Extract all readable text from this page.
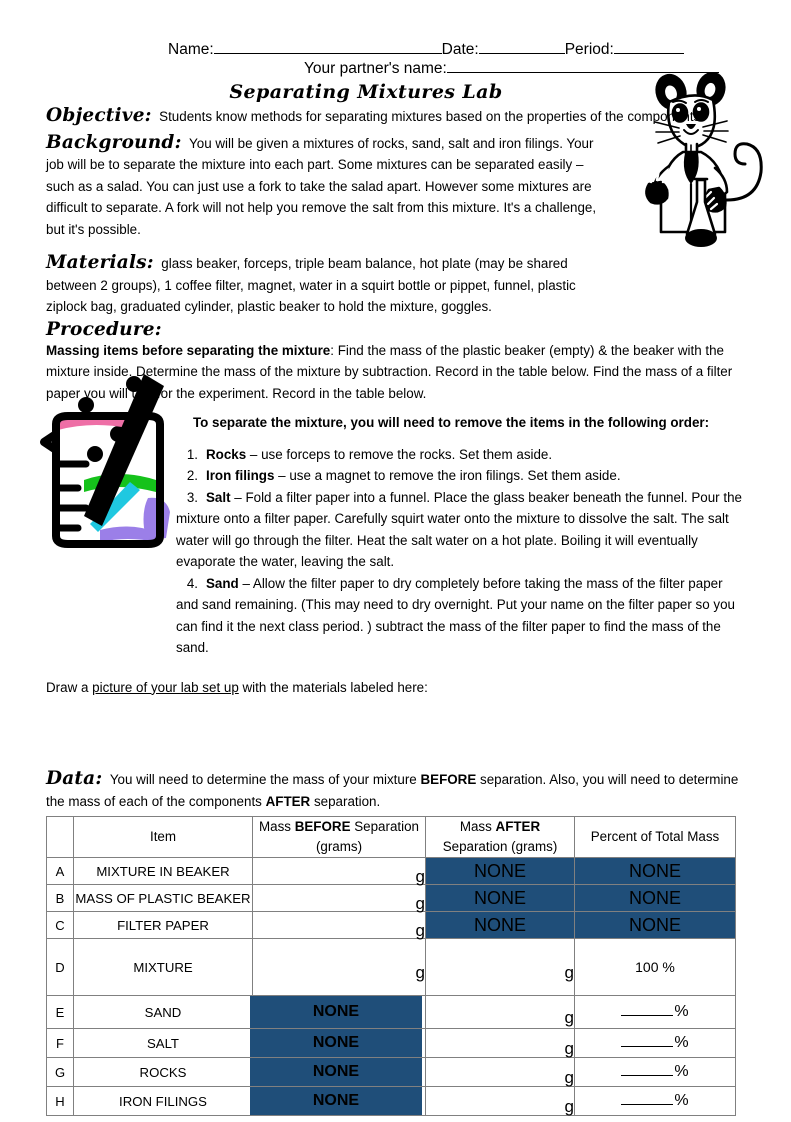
Name:	Date:	Period:
Your partner's name:
Separating Mixtures Lab

Objective: Students know methods for separating mixtures based on the properties of the components.

Background: You will be given a mixtures of rocks, sand, salt and iron filings. Your job will be to separate the mixture into each part. Some mixtures can be separated easily – such as a salad. You can just use a fork to take the salad apart. However some mixtures are difficult to separate. A fork will not help you remove the salt from this mixture. It's a challenge, but it's possible.

Materials: glass beaker, forceps, triple beam balance, hot plate (may be shared between 2 groups), 1 coffee filter, magnet, water in a squirt bottle or pippet, funnel, plastic ziplock bag, graduated cylinder, plastic beaker to hold the mixture, goggles.

Procedure:

Massing items before separating the mixture: Find the mass of the plastic beaker (empty) & the beaker with the mixture inside. Determine the mass of the mixture by subtraction. Record in the table below. Find the mass of a filter paper you will use for the experiment. Record in the table below.

To separate the mixture, you will need to remove the items in the following order:
1. Rocks – use forceps to remove the rocks. Set them aside.
2. Iron filings – use a magnet to remove the iron filings. Set them aside.
3. Salt – Fold a filter paper into a funnel. Place the glass beaker beneath the funnel. Pour the mixture onto a filter paper. Carefully squirt water onto the mixture to dissolve the salt. The salt water will go through the filter. Heat the salt water on a hot plate. Boiling it will eventually evaporate the water, leaving the salt.
4. Sand – Allow the filter paper to dry completely before taking the mass of the filter paper and sand remaining. (This may need to dry overnight. Put your name on the filter paper so you can find it the next class period. ) subtract the mass of the filter paper to find the mass of the sand.
Draw a picture of your lab set up with the materials labeled here:

Data: You will need to determine the mass of your mixture BEFORE separation. Also, you will need to determine the mass of each of the components AFTER separation.

	Item	Mass BEFORE Separation
(grams)	Mass AFTER
Separation (grams)	Percent of Total Mass
A	MIXTURE IN BEAKER	g	NONE	NONE
B	MASS OF PLASTIC BEAKER	g	NONE	NONE
C	FILTER PAPER	g	NONE	NONE
D	MIXTURE	g	g	100 %
E	SAND	NONE	g	%
F	SALT	NONE	g	%
G	ROCKS	NONE	g	%
H	IRON FILINGS	NONE	g	%
